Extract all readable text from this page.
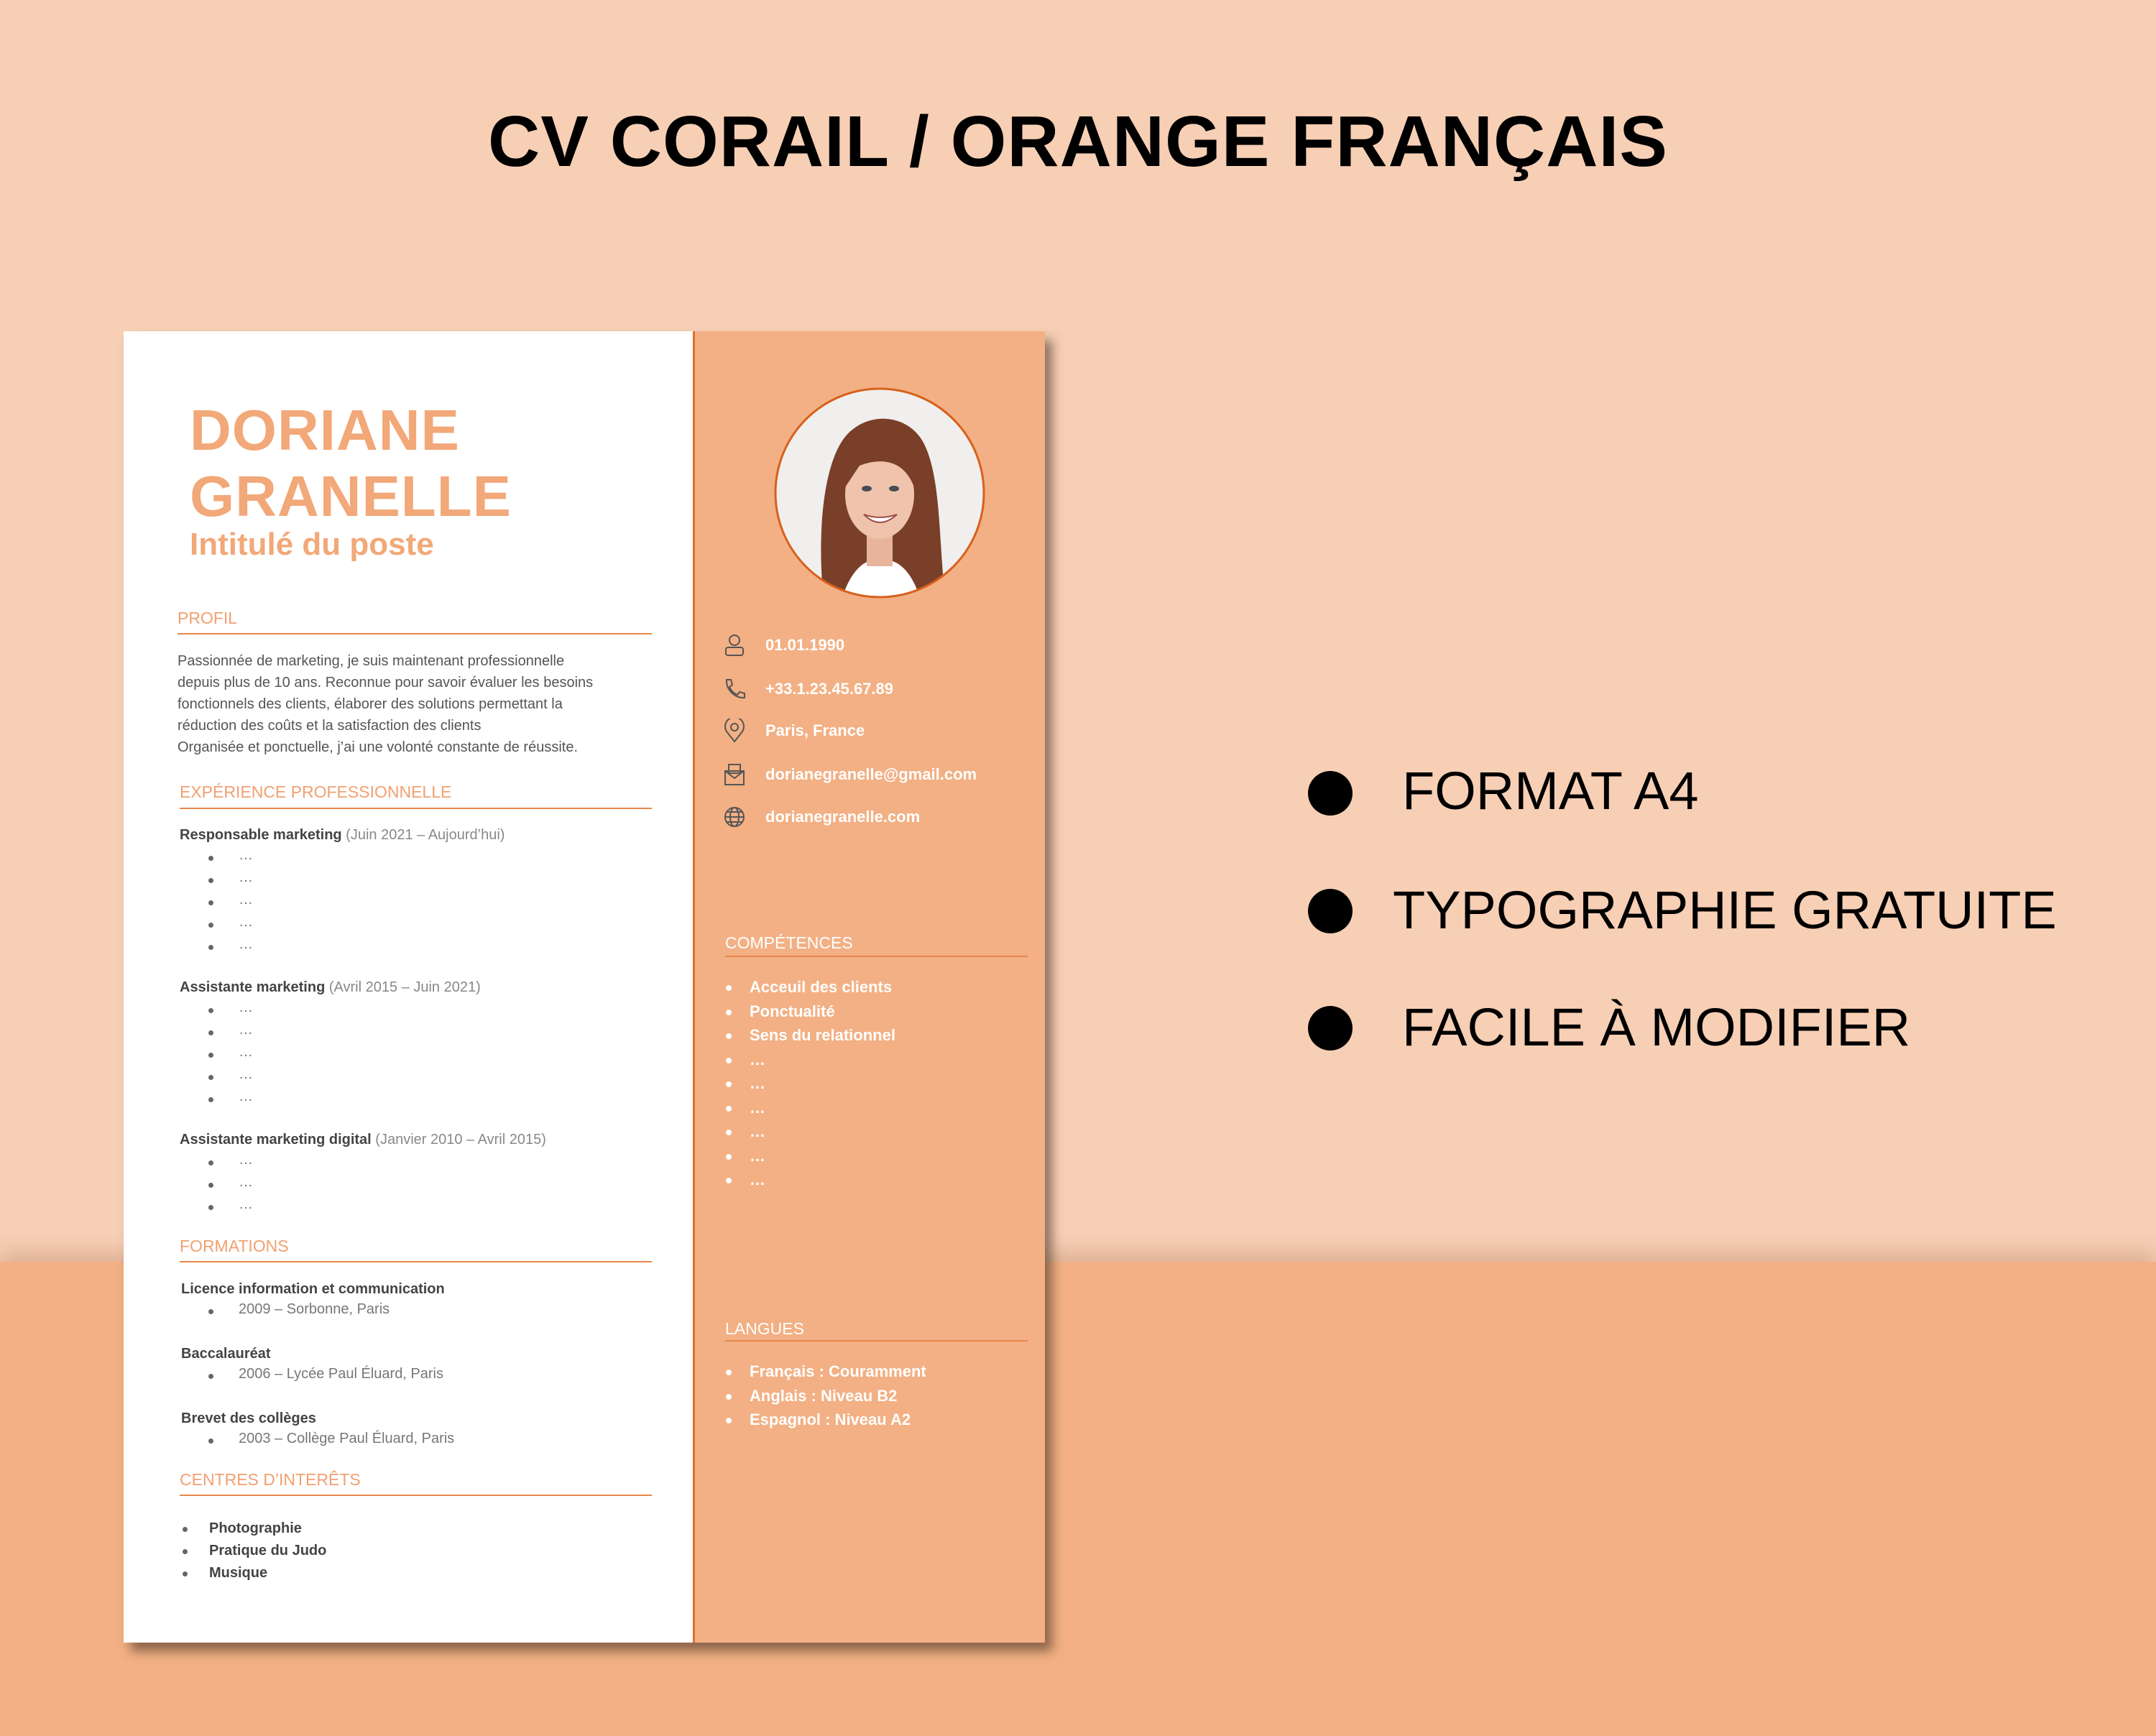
CV CORAIL / ORANGE FRANÇAIS
DORIANE
GRANELLE
Intitulé du poste
PROFIL
Passionnée de marketing, je suis maintenant professionnelle
depuis plus de 10 ans. Reconnue pour savoir évaluer les besoins
fonctionnels des clients, élaborer des solutions permettant la
réduction des coûts et la satisfaction des clients
Organisée et ponctuelle, j’ai une volonté constante de réussite.
EXPÉRIENCE PROFESSIONNELLE
Responsable marketing (Juin 2021 – Aujourd’hui)
…
…
…
…
…
Assistante marketing (Avril 2015 – Juin 2021)
…
…
…
…
…
Assistante marketing digital (Janvier 2010 – Avril 2015)
…
…
…
FORMATIONS
Licence information et communication
2009 – Sorbonne, Paris
Baccalauréat
2006 – Lycée Paul Éluard, Paris
Brevet des collèges
2003 – Collège Paul Éluard, Paris
CENTRES D’INTERÊTS
Photographie
Pratique du Judo
Musique
01.01.1990
+33.1.23.45.67.89
Paris, France
dorianegranelle@gmail.com
dorianegranelle.com
COMPÉTENCES
Acceuil des clients
Ponctualité
Sens du relationnel
…
…
…
…
…
…
LANGUES
Français : Couramment
Anglais : Niveau B2
Espagnol : Niveau A2
FORMAT A4
TYPOGRAPHIE GRATUITE
FACILE À MODIFIER
